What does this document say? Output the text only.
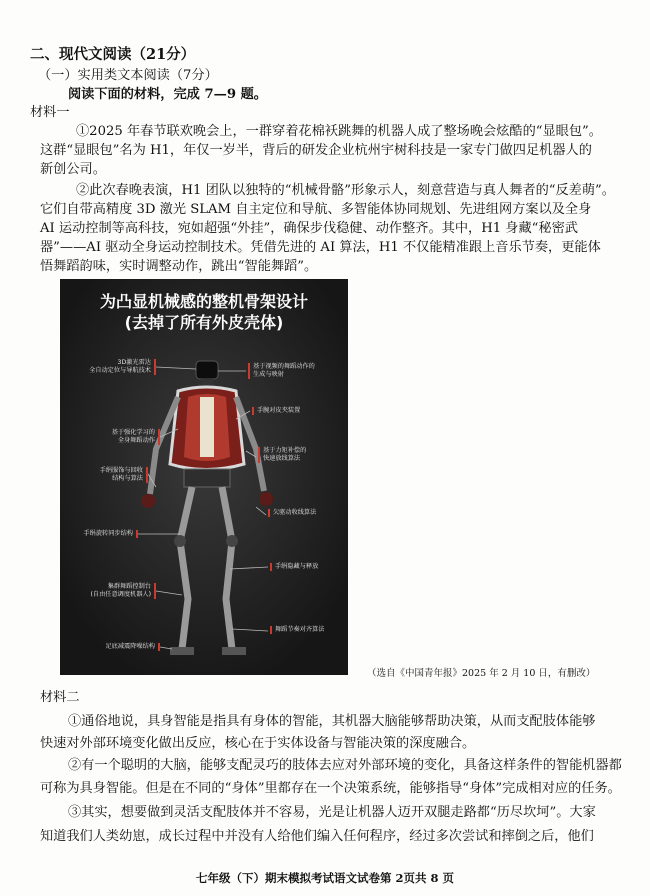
二、现代文阅读（21分）
（一）实用类文本阅读（7分）
阅读下面的材料，完成 7—9 题。
材料一
①2025 年春节联欢晚会上，一群穿着花棉袄跳舞的机器人成了整场晚会炫酷的“显眼包”。
这群“显眼包”名为 H1，年仅一岁半，背后的研发企业杭州宇树科技是一家专门做四足机器人的
新创公司。
②此次春晚表演，H1 团队以独特的“机械骨骼”形象示人，刻意营造与真人舞者的“反差萌”。
它们自带高精度 3D 激光 SLAM 自主定位和导航、多智能体协同规划、先进组网方案以及全身
AI 运动控制等高科技，宛如超强“外挂”，确保步伐稳健、动作整齐。其中，H1 身藏“秘密武
器”——AI 驱动全身运动控制技术。凭借先进的 AI 算法，H1 不仅能精准跟上音乐节奏，更能体
悟舞蹈韵味，实时调整动作，跳出“智能舞蹈”。
为凸显机械感的整机骨架设计
(去掉了所有外皮壳体)
3D激光雷达
全自动定位与导航技术
基于强化学习的
全身舞蹈动作
手绢服饰与回收
结构与算法
手绢旋转同步结构
集群舞蹈控制台
(自由任意调度机器人)
足底减震降噪结构
基于视频的舞蹈动作的
生成与映射
手腕对皮夹装置
基于力矩补偿的
快速放线算法
欠驱动收线算法
手绢隐藏与释放
舞蹈节奏对齐算法
（选自《中国青年报》2025 年 2 月 10 日，有删改）
材料二
①通俗地说，具身智能是指具有身体的智能，其机器大脑能够帮助决策，从而支配肢体能够
快速对外部环境变化做出反应，核心在于实体设备与智能决策的深度融合。
②有一个聪明的大脑，能够支配灵巧的肢体去应对外部环境的变化，具备这样条件的智能机器都
可称为具身智能。但是在不同的“身体”里都存在一个决策系统，能够指导“身体”完成相对应的任务。
③其实，想要做到灵活支配肢体并不容易，光是让机器人迈开双腿走路都“历尽坎坷”。大家
知道我们人类幼崽，成长过程中并没有人给他们编入任何程序，经过多次尝试和摔倒之后，他们
七年级（下）期末模拟考试语文试卷第 2页共 8 页
